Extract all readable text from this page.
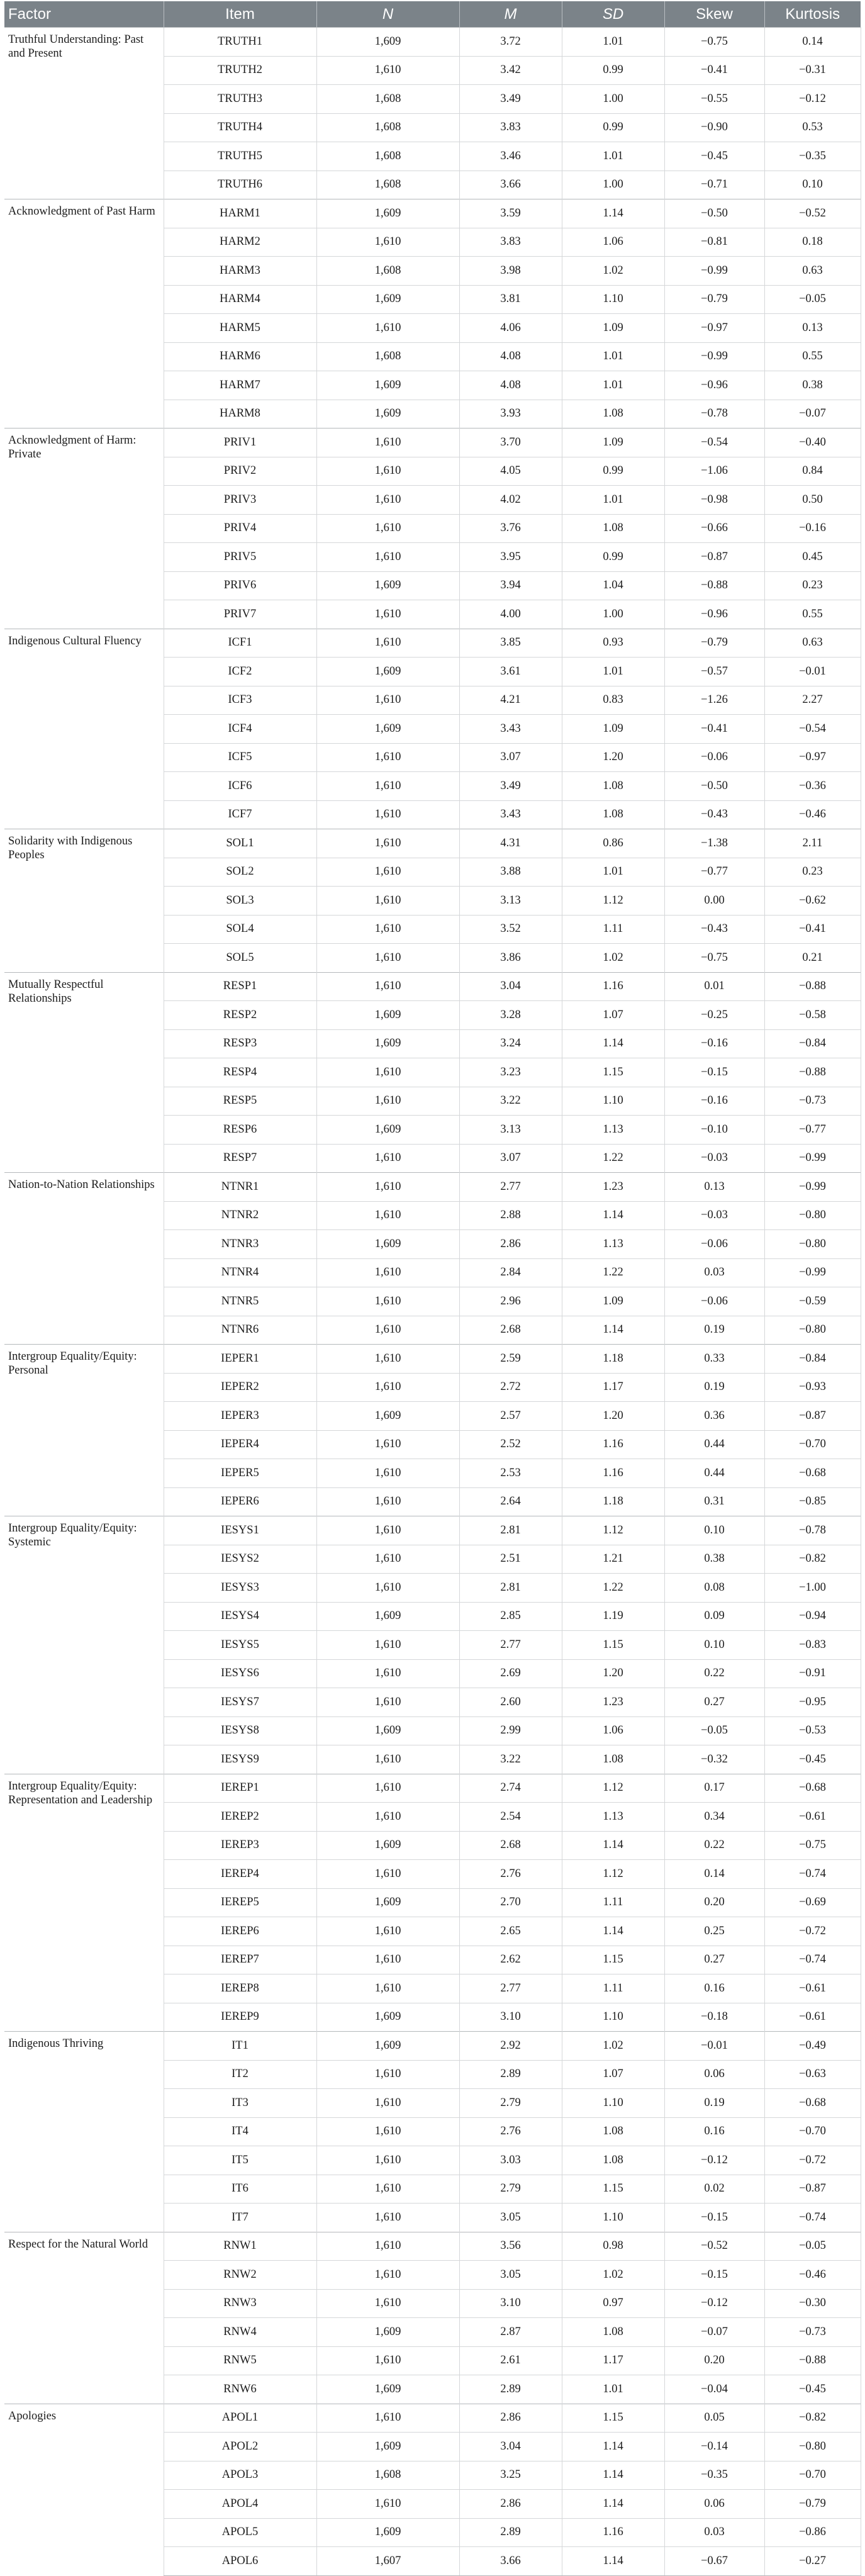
Factor	Item	N	M	SD	Skew	Kurtosis
Truthful Understanding: Past and Present	TRUTH1	1,609	3.72	1.01	−0.75	0.14
	TRUTH2	1,610	3.42	0.99	−0.41	−0.31
	TRUTH3	1,608	3.49	1.00	−0.55	−0.12
	TRUTH4	1,608	3.83	0.99	−0.90	0.53
	TRUTH5	1,608	3.46	1.01	−0.45	−0.35
	TRUTH6	1,608	3.66	1.00	−0.71	0.10
Acknowledgment of Past Harm	HARM1	1,609	3.59	1.14	−0.50	−0.52
	HARM2	1,610	3.83	1.06	−0.81	0.18
	HARM3	1,608	3.98	1.02	−0.99	0.63
	HARM4	1,609	3.81	1.10	−0.79	−0.05
	HARM5	1,610	4.06	1.09	−0.97	0.13
	HARM6	1,608	4.08	1.01	−0.99	0.55
	HARM7	1,609	4.08	1.01	−0.96	0.38
	HARM8	1,609	3.93	1.08	−0.78	−0.07
Acknowledgment of Harm: Private	PRIV1	1,610	3.70	1.09	−0.54	−0.40
	PRIV2	1,610	4.05	0.99	−1.06	0.84
	PRIV3	1,610	4.02	1.01	−0.98	0.50
	PRIV4	1,610	3.76	1.08	−0.66	−0.16
	PRIV5	1,610	3.95	0.99	−0.87	0.45
	PRIV6	1,609	3.94	1.04	−0.88	0.23
	PRIV7	1,610	4.00	1.00	−0.96	0.55
Indigenous Cultural Fluency	ICF1	1,610	3.85	0.93	−0.79	0.63
	ICF2	1,609	3.61	1.01	−0.57	−0.01
	ICF3	1,610	4.21	0.83	−1.26	2.27
	ICF4	1,609	3.43	1.09	−0.41	−0.54
	ICF5	1,610	3.07	1.20	−0.06	−0.97
	ICF6	1,610	3.49	1.08	−0.50	−0.36
	ICF7	1,610	3.43	1.08	−0.43	−0.46
Solidarity with Indigenous Peoples	SOL1	1,610	4.31	0.86	−1.38	2.11
	SOL2	1,610	3.88	1.01	−0.77	0.23
	SOL3	1,610	3.13	1.12	0.00	−0.62
	SOL4	1,610	3.52	1.11	−0.43	−0.41
	SOL5	1,610	3.86	1.02	−0.75	0.21
Mutually Respectful Relationships	RESP1	1,610	3.04	1.16	0.01	−0.88
	RESP2	1,609	3.28	1.07	−0.25	−0.58
	RESP3	1,609	3.24	1.14	−0.16	−0.84
	RESP4	1,610	3.23	1.15	−0.15	−0.88
	RESP5	1,610	3.22	1.10	−0.16	−0.73
	RESP6	1,609	3.13	1.13	−0.10	−0.77
	RESP7	1,610	3.07	1.22	−0.03	−0.99
Nation-to-Nation Relationships	NTNR1	1,610	2.77	1.23	0.13	−0.99
	NTNR2	1,610	2.88	1.14	−0.03	−0.80
	NTNR3	1,609	2.86	1.13	−0.06	−0.80
	NTNR4	1,610	2.84	1.22	0.03	−0.99
	NTNR5	1,610	2.96	1.09	−0.06	−0.59
	NTNR6	1,610	2.68	1.14	0.19	−0.80
Intergroup Equality/Equity: Personal	IEPER1	1,610	2.59	1.18	0.33	−0.84
	IEPER2	1,610	2.72	1.17	0.19	−0.93
	IEPER3	1,609	2.57	1.20	0.36	−0.87
	IEPER4	1,610	2.52	1.16	0.44	−0.70
	IEPER5	1,610	2.53	1.16	0.44	−0.68
	IEPER6	1,610	2.64	1.18	0.31	−0.85
Intergroup Equality/Equity: Systemic	IESYS1	1,610	2.81	1.12	0.10	−0.78
	IESYS2	1,610	2.51	1.21	0.38	−0.82
	IESYS3	1,610	2.81	1.22	0.08	−1.00
	IESYS4	1,609	2.85	1.19	0.09	−0.94
	IESYS5	1,610	2.77	1.15	0.10	−0.83
	IESYS6	1,610	2.69	1.20	0.22	−0.91
	IESYS7	1,610	2.60	1.23	0.27	−0.95
	IESYS8	1,609	2.99	1.06	−0.05	−0.53
	IESYS9	1,610	3.22	1.08	−0.32	−0.45
Intergroup Equality/Equity: Representation and Leadership	IEREP1	1,610	2.74	1.12	0.17	−0.68
	IEREP2	1,610	2.54	1.13	0.34	−0.61
	IEREP3	1,609	2.68	1.14	0.22	−0.75
	IEREP4	1,610	2.76	1.12	0.14	−0.74
	IEREP5	1,609	2.70	1.11	0.20	−0.69
	IEREP6	1,610	2.65	1.14	0.25	−0.72
	IEREP7	1,610	2.62	1.15	0.27	−0.74
	IEREP8	1,610	2.77	1.11	0.16	−0.61
	IEREP9	1,609	3.10	1.10	−0.18	−0.61
Indigenous Thriving	IT1	1,609	2.92	1.02	−0.01	−0.49
	IT2	1,610	2.89	1.07	0.06	−0.63
	IT3	1,610	2.79	1.10	0.19	−0.68
	IT4	1,610	2.76	1.08	0.16	−0.70
	IT5	1,610	3.03	1.08	−0.12	−0.72
	IT6	1,610	2.79	1.15	0.02	−0.87
	IT7	1,610	3.05	1.10	−0.15	−0.74
Respect for the Natural World	RNW1	1,610	3.56	0.98	−0.52	−0.05
	RNW2	1,610	3.05	1.02	−0.15	−0.46
	RNW3	1,610	3.10	0.97	−0.12	−0.30
	RNW4	1,609	2.87	1.08	−0.07	−0.73
	RNW5	1,610	2.61	1.17	0.20	−0.88
	RNW6	1,609	2.89	1.01	−0.04	−0.45
Apologies	APOL1	1,610	2.86	1.15	0.05	−0.82
	APOL2	1,609	3.04	1.14	−0.14	−0.80
	APOL3	1,608	3.25	1.14	−0.35	−0.70
	APOL4	1,610	2.86	1.14	0.06	−0.79
	APOL5	1,609	2.89	1.16	0.03	−0.86
	APOL6	1,607	3.66	1.14	−0.67	−0.27
